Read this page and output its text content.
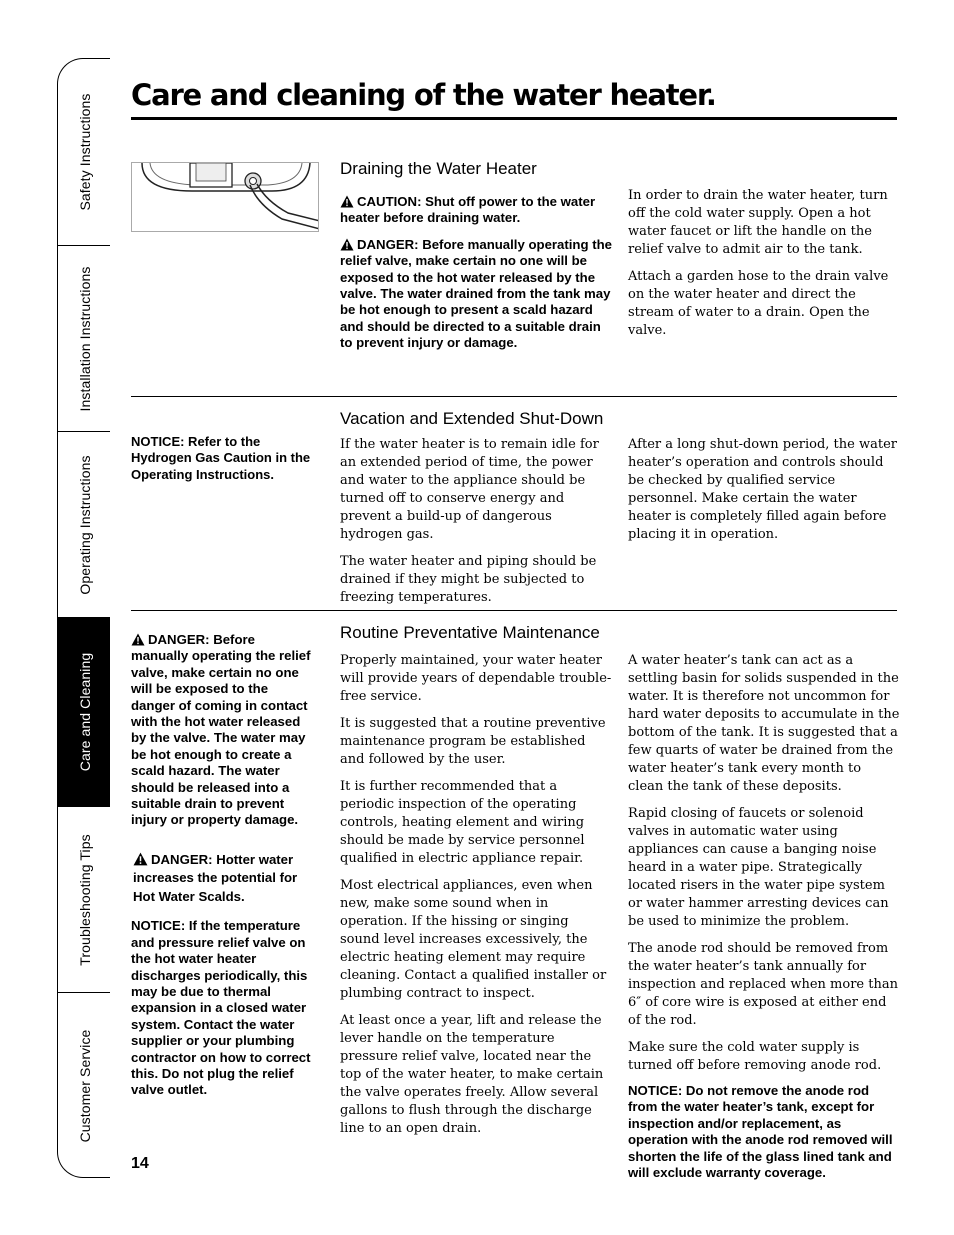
Safety Instructions
Installation Instructions
Operating Instructions
Care and Cleaning
Troubleshooting Tips
Customer Service
Care and cleaning of the water heater.
Draining the Water Heater

CAUTION: Shut off power to the water heater before draining water.

DANGER: Before manually operating the relief valve, make certain no one will be exposed to the hot water released by the valve. The water drained from the tank may be hot enough to present a scald hazard and should be directed to a suitable drain to prevent injury or damage.

In order to drain the water heater, turn off the cold water supply. Open a hot water faucet or lift the handle on the relief valve to admit air to the tank.

Attach a garden hose to the drain valve on the water heater and direct the stream of water to a drain. Open the valve.

Vacation and Extended Shut-Down

NOTICE: Refer to the Hydrogen Gas Caution in the Operating Instructions.

If the water heater is to remain idle for an extended period of time, the power and water to the appliance should be turned off to conserve energy and prevent a build-up of dangerous hydrogen gas.

The water heater and piping should be drained if they might be subjected to freezing temperatures.

After a long shut-down period, the water heater’s operation and controls should be checked by qualified service personnel. Make certain the water heater is completely filled again before placing it in operation.

Routine Preventative Maintenance

DANGER: Before manually operating the relief valve, make certain no one will be exposed to the danger of coming in contact with the hot water released by the valve. The water may be hot enough to create a scald hazard. The water should be released into a suitable drain to prevent injury or property damage.

DANGER: Hotter water increases the potential for Hot Water Scalds.

NOTICE: If the temperature and pressure relief valve on the hot water heater discharges periodically, this may be due to thermal expansion in a closed water system. Contact the water supplier or your plumbing contractor on how to correct this. Do not plug the relief valve outlet.

Properly maintained, your water heater will provide years of dependable trouble-free service.

It is suggested that a routine preventive maintenance program be established and followed by the user.

It is further recommended that a periodic inspection of the operating controls, heating element and wiring should be made by service personnel qualified in electric appliance repair.

Most electrical appliances, even when new, make some sound when in operation. If the hissing or singing sound level increases excessively, the electric heating element may require cleaning. Contact a qualified installer or plumbing contract to inspect.

At least once a year, lift and release the lever handle on the temperature pressure relief valve, located near the top of the water heater, to make certain the valve operates freely. Allow several gallons to flush through the discharge line to an open drain.

A water heater’s tank can act as a settling basin for solids suspended in the water. It is therefore not uncommon for hard water deposits to accumulate in the bottom of the tank. It is suggested that a few quarts of water be drained from the water heater’s tank every month to clean the tank of these deposits.

Rapid closing of faucets or solenoid valves in automatic water using appliances can cause a banging noise heard in a water pipe. Strategically located risers in the water pipe system or water hammer arresting devices can be used to minimize the problem.

The anode rod should be removed from the water heater’s tank annually for inspection and replaced when more than 6″ of core wire is exposed at either end of the rod.

Make sure the cold water supply is turned off before removing anode rod.

NOTICE: Do not remove the anode rod from the water heater’s tank, except for inspection and/or replacement, as operation with the anode rod removed will shorten the life of the glass lined tank and will exclude warranty coverage.

14
